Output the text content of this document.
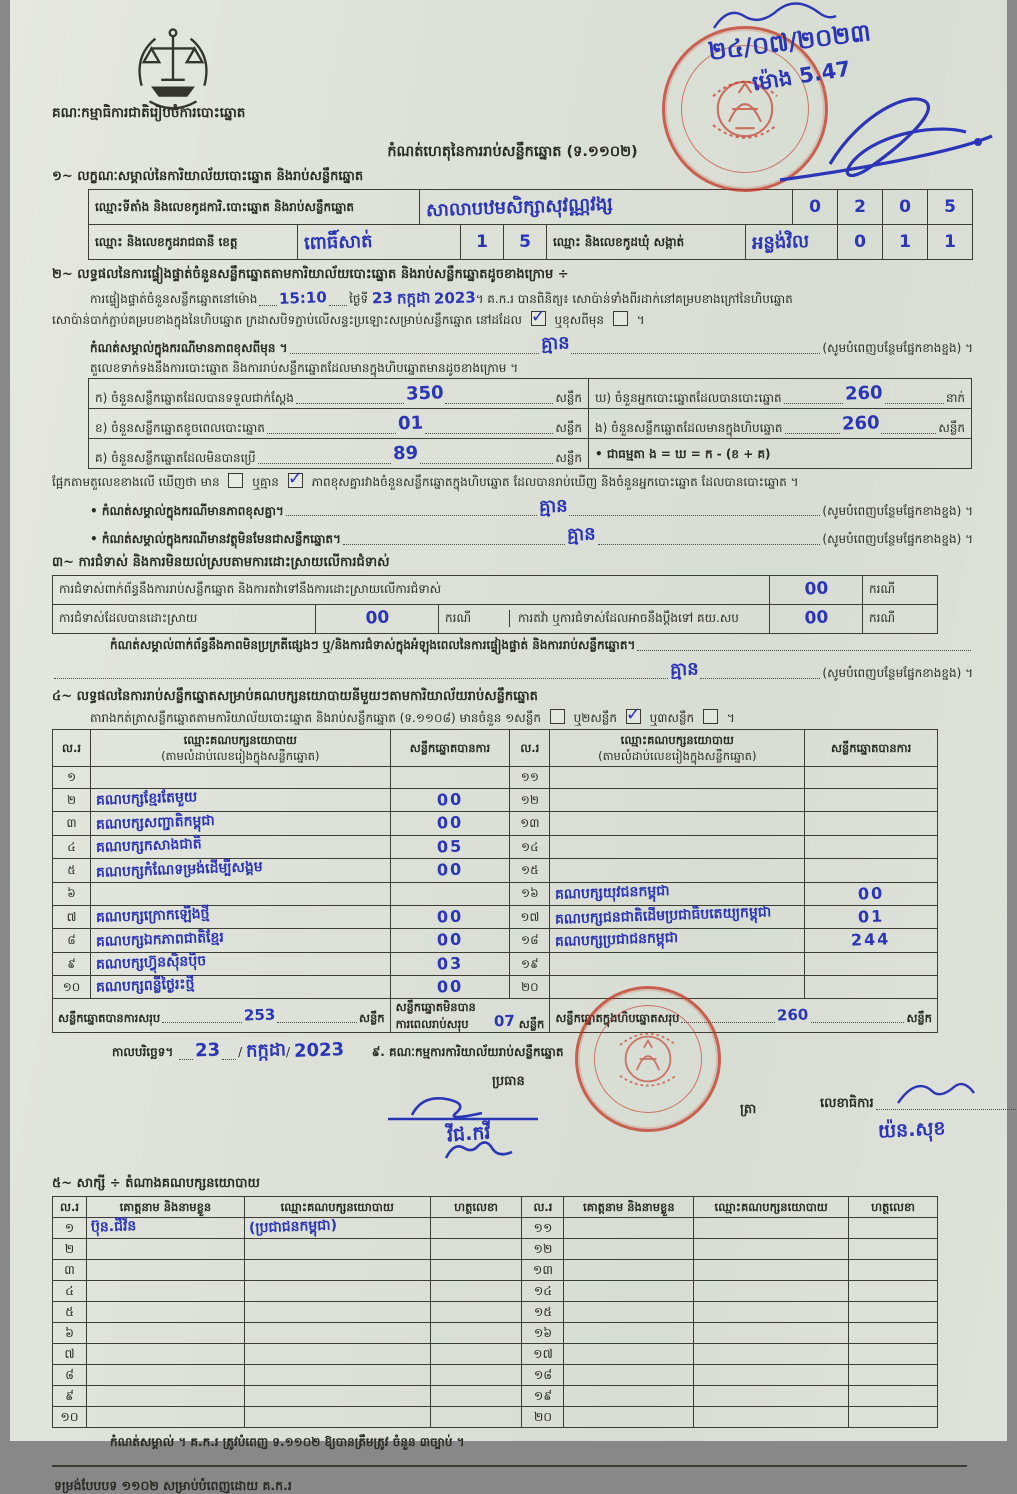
២៤/០៧/២០២៣
ម៉ោង 5.47
គណៈកម្មាធិការជាតិរៀបចំការបោះឆ្នោត
កំណត់ហេតុនៃការរាប់សន្លឹកឆ្នោត (ទ.១១០២)
១~ លក្ខណៈសម្គាល់នៃការិយាល័យបោះឆ្នោត និងរាប់សន្លឹកឆ្នោត
ឈ្មោះទីតាំង និងលេខកូដការិ.បោះឆ្នោត និងរាប់សន្លឹកឆ្នោត	សាលាបឋមសិក្សាសុវណ្ណវង្ស	0	2	0	5
ឈ្មោះ និងលេខកូដរាជធានី ខេត្ត	ពោធិ៍សាត់	1	5	ឈ្មោះ និងលេខកូដឃុំ សង្កាត់	អន្លង់វិល	0	1	1
២~ លទ្ធផលនៃការផ្ទៀងផ្ទាត់ចំនួនសន្លឹកឆ្នោតតាមការិយាល័យបោះឆ្នោត និងរាប់សន្លឹកឆ្នោតដូចខាងក្រោម ÷
ការផ្ទៀងផ្ទាត់ចំនួនសន្លឹកឆ្នោតនៅម៉ោង 15:10 ថ្ងៃទី 23 កក្កដា 2023។ គ.ក.រ បានពិនិត្យ៖ សោប៉ាន់ទាំងពីរដាក់នៅគម្របខាងក្រៅនៃហិបឆ្នោត
សោប៉ាន់បាក់ភ្ជាប់គម្របខាងក្នុងនៃហិបឆ្នោត ក្រដាសបិទភ្ជាប់លើសន្ទះប្រឡោះសម្រាប់សន្លឹកឆ្នោត នៅដដែល ✓	ឬខុសពីមុន	។
កំណត់សម្គាល់ក្នុងករណីមានភាពខុសពីមុន ។	គ្មាន	(សូមបំពេញបន្ថែមផ្នែកខាងខ្នង) ។
តួលេខទាក់ទងនឹងការបោះឆ្នោត និងការរាប់សន្លឹកឆ្នោតដែលមានក្នុងហិបឆ្នោតមានដូចខាងក្រោម ។
ក) ចំនួនសន្លឹកឆ្នោតដែលបានទទួលជាក់ស្តែង 350 សន្លឹក	ឃ) ចំនួនអ្នកបោះឆ្នោតដែលបានបោះឆ្នោត 260 នាក់

ខ) ចំនួនសន្លឹកឆ្នោតខូចពេលបោះឆ្នោត 01 សន្លឹក	ង) ចំនួនសន្លឹកឆ្នោតដែលមានក្នុងហិបឆ្នោត 260 សន្លឹក

គ) ចំនួនសន្លឹកឆ្នោតដែលមិនបានប្រើ 89 សន្លឹក	• ជាធម្មតា ង = ឃ = ក - (ខ + គ)
ផ្អែកតាមតួលេខខាងលើ ឃើញថា មាន	ឬគ្មាន ✓	ភាពខុសគ្នារវាងចំនួនសន្លឹកឆ្នោតក្នុងហិបឆ្នោត ដែលបានរាប់ឃើញ និងចំនួនអ្នកបោះឆ្នោត ដែលបានបោះឆ្នោត ។
• កំណត់សម្គាល់ក្នុងករណីមានភាពខុសគ្នា។	គ្មាន	(សូមបំពេញបន្ថែមផ្នែកខាងខ្នង) ។
• កំណត់សម្គាល់ក្នុងករណីមានវត្ថុមិនមែនជាសន្លឹកឆ្នោត។	គ្មាន	(សូមបំពេញបន្ថែមផ្នែកខាងខ្នង) ។
៣~ ការជំទាស់ និងការមិនយល់ស្របតាមការដោះស្រាយលើការជំទាស់
ការជំទាស់ពាក់ព័ន្ធនឹងការរាប់សន្លឹកឆ្នោត និងការតវ៉ាទៅនឹងការដោះស្រាយលើការជំទាស់			00	ករណី
ការជំទាស់ដែលបានដោះស្រាយ	00	ករណី ការតវ៉ា ឬការជំទាស់ដែលអាចនឹងប្ដឹងទៅ គយ.សប	00	ករណី
កំណត់សម្គាល់ពាក់ព័ន្ធនឹងភាពមិនប្រក្រតីផ្សេងៗ ឬ/និងការជំទាស់ក្នុងអំឡុងពេលនៃការផ្ទៀងផ្ទាត់ និងការរាប់សន្លឹកឆ្នោត។
គ្មាន	(សូមបំពេញបន្ថែមផ្នែកខាងខ្នង) ។
៤~ លទ្ធផលនៃការរាប់សន្លឹកឆ្នោតសម្រាប់គណបក្សនយោបាយនីមួយៗតាមការិយាល័យរាប់សន្លឹកឆ្នោត
តារាងកត់ត្រាសន្លឹកឆ្នោតតាមការិយាល័យបោះឆ្នោត និងរាប់សន្លឹកឆ្នោត (ទ.១១០៨) មានចំនួន ១សន្លឹក	ឬ២សន្លឹក ✓	ឬ៣សន្លឹក	។
ល.រ	ឈ្មោះគណបក្សនយោបាយ
(តាមលំដាប់លេខរៀងក្នុងសន្លឹកឆ្នោត)	សន្លឹកឆ្នោតបានការ	ល.រ	ឈ្មោះគណបក្សនយោបាយ
(តាមលំដាប់លេខរៀងក្នុងសន្លឹកឆ្នោត)	សន្លឹកឆ្នោតបានការ
១			១១		
២	គណបក្សខ្មែរតែមួយ	00	១២		
៣	គណបក្សសញ្ជាតិកម្ពុជា	00	១៣		
៤	គណបក្សកសាងជាតិ	05	១៤		
៥	គណបក្សកំណែទម្រង់ដើម្បីសង្គម	00	១៥		
៦			១៦	គណបក្សយុវជនកម្ពុជា	00
៧	គណបក្សក្រោកឡើងថ្មី	00	១៧	គណបក្សជនជាតិដើមប្រជាធិបតេយ្យកម្ពុជា	01
៨	គណបក្សឯកភាពជាតិខ្មែរ	00	១៨	គណបក្សប្រជាជនកម្ពុជា	244
៩	គណបក្សហ៊្វុនស៊ិនប៉ិច	03	១៩		
១០	គណបក្សពន្លឺថ្ងៃរះថ្មី	00	២០		

សន្លឹកឆ្នោតបានការសរុប 253 សន្លឹក		សន្លឹកឆ្នោតមិនបានការពេលរាប់សរុប 07 សន្លឹក		សន្លឹកឆ្នោតក្នុងហិបឆ្នោតសរុប 260 សន្លឹក	
កាលបរិច្ឆេទ។ 23 / កក្កដា/ 2023 ៩. គណៈកម្មការការិយាល័យរាប់សន្លឹកឆ្នោត
ប្រធាន
វីជ.កវី
ត្រា	លេខាធិការ
យ៉ន.សុខ
៥~ សាក្សី ÷ តំណាងគណបក្សនយោបាយ
ល.រ	គោត្តនាម និងនាមខ្លួន	ឈ្មោះគណបក្សនយោបាយ	ហត្ថលេខា	ល.រ	គោត្តនាម និងនាមខ្លួន	ឈ្មោះគណបក្សនយោបាយ	ហត្ថលេខា
១	ប៊ុន.ជីវ័ន	(ប្រជាជនកម្ពុជា)		១១			
២				១២			
៣				១៣			
៤				១៤			
៥				១៥			
៦				១៦			
៧				១៧			
៨				១៨			
៩				១៩			
១០				២០			
កំណត់សម្គាល់ ។ គ.ក.រ ត្រូវបំពេញ ទ.១១០២ ឱ្យបានត្រឹមត្រូវ ចំនួន ៣ច្បាប់ ។
ទម្រង់បែបបទ ១១០២ សម្រាប់បំពេញដោយ គ.ក.រ
